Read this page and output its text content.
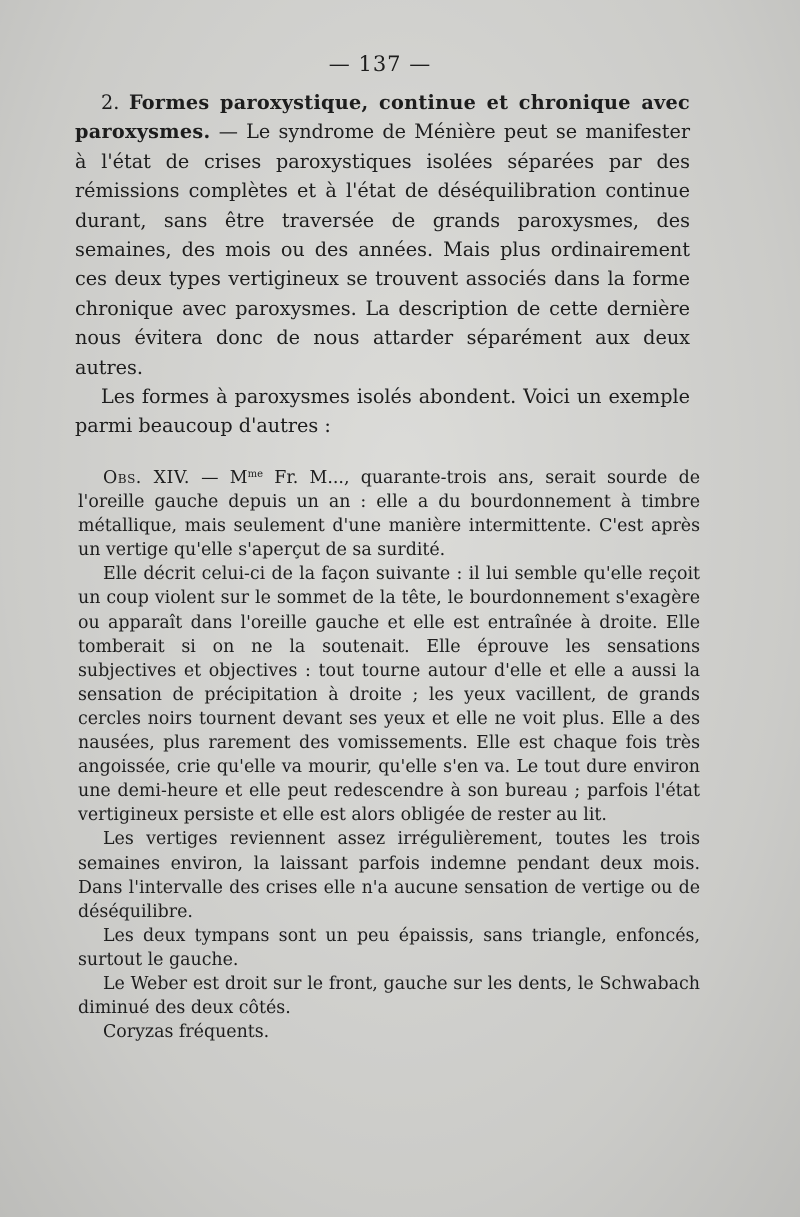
— 137 —

2. Formes paroxystique, continue et chronique avec paroxysmes. — Le syndrome de Ménière peut se manifester à l'état de crises paroxystiques isolées séparées par des rémissions complètes et à l'état de déséquilibration continue durant, sans être traversée de grands paroxysmes, des semaines, des mois ou des années. Mais plus ordinairement ces deux types vertigineux se trouvent associés dans la forme chronique avec paroxysmes. La description de cette dernière nous évitera donc de nous attarder séparément aux deux autres.

Les formes à paroxysmes isolés abondent. Voici un exemple parmi beaucoup d'autres :

Obs. XIV. — $M^{me}$ Fr. M..., quarante-trois ans, serait sourde de l'oreille gauche depuis un an : elle a du bourdonnement à timbre métallique, mais seulement d'une manière intermittente. C'est après un vertige qu'elle s'aperçut de sa surdité.

Elle décrit celui-ci de la façon suivante : il lui semble qu'elle reçoit un coup violent sur le sommet de la tête, le bourdonnement s'exagère ou apparaît dans l'oreille gauche et elle est entraînée à droite. Elle tomberait si on ne la soutenait. Elle éprouve les sensations subjectives et objectives : tout tourne autour d'elle et elle a aussi la sensation de précipitation à droite ; les yeux vacillent, de grands cercles noirs tournent devant ses yeux et elle ne voit plus. Elle a des nausées, plus rarement des vomissements. Elle est chaque fois très angoissée, crie qu'elle va mourir, qu'elle s'en va. Le tout dure environ une demi-heure et elle peut redescendre à son bureau ; parfois l'état vertigineux persiste et elle est alors obligée de rester au lit.

Les vertiges reviennent assez irrégulièrement, toutes les trois semaines environ, la laissant parfois indemne pendant deux mois. Dans l'intervalle des crises elle n'a aucune sensation de vertige ou de déséquilibre.

Les deux tympans sont un peu épaissis, sans triangle, enfoncés, surtout le gauche.

Le Weber est droit sur le front, gauche sur les dents, le Schwabach diminué des deux côtés.

Coryzas fréquents.
